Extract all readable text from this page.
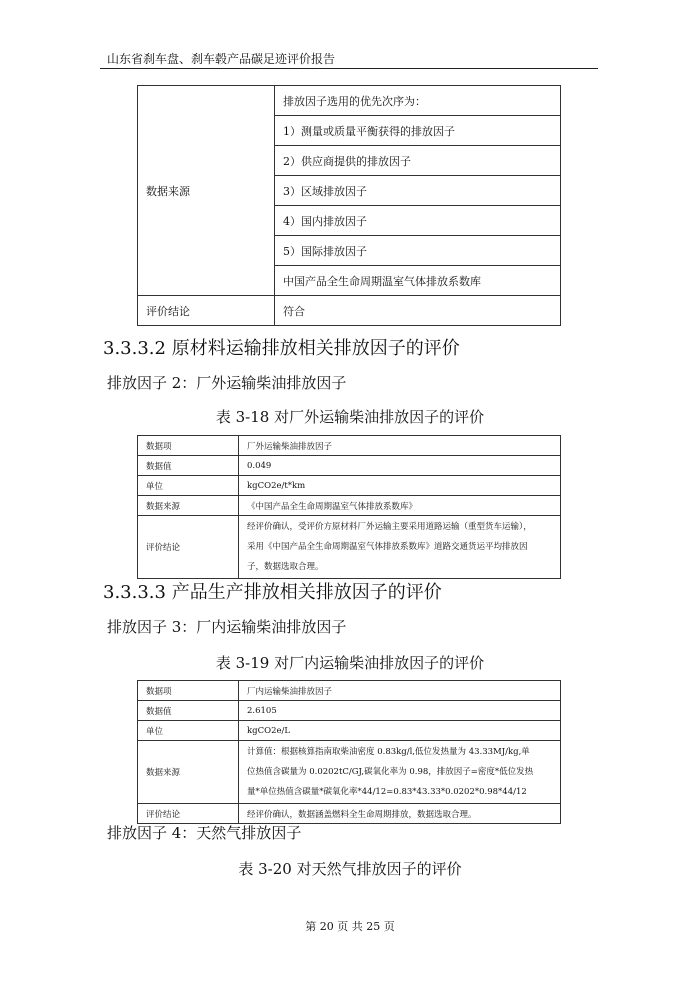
山东省刹车盘、刹车毂产品碳足迹评价报告
数据来源	排放因子选用的优先次序为：
	1）测量或质量平衡获得的排放因子
	2）供应商提供的排放因子
	3）区域排放因子
	4）国内排放因子
	5）国际排放因子
	中国产品全生命周期温室气体排放系数库
评价结论	符合
3.3.3.2 原材料运输排放相关排放因子的评价
排放因子 2：厂外运输柴油排放因子
表 3-18 对厂外运输柴油排放因子的评价
数据项	厂外运输柴油排放因子
数据值	0.049
单位	kgCO2e/t*km
数据来源	《中国产品全生命周期温室气体排放系数库》
评价结论	经评价确认，受评价方原材料厂外运输主要采用道路运输（重型货车运输），
采用《中国产品全生命周期温室气体排放系数库》道路交通货运平均排放因
子，数据选取合理。
3.3.3.3 产品生产排放相关排放因子的评价
排放因子 3：厂内运输柴油排放因子
表 3-19 对厂内运输柴油排放因子的评价
数据项	厂内运输柴油排放因子
数据值	2.6105
单位	kgCO2e/L
数据来源	计算值：根据核算指南取柴油密度 0.83kg/l,低位发热量为 43.33MJ/kg,单
位热值含碳量为 0.0202tC/GJ,碳氧化率为 0.98，排放因子=密度*低位发热
量*单位热值含碳量*碳氧化率*44/12=0.83*43.33*0.0202*0.98*44/12

评价结论	经评价确认，数据涵盖燃料全生命周期排放，数据选取合理。
排放因子 4：天然气排放因子
表 3-20 对天然气排放因子的评价
第 20 页 共 25 页
